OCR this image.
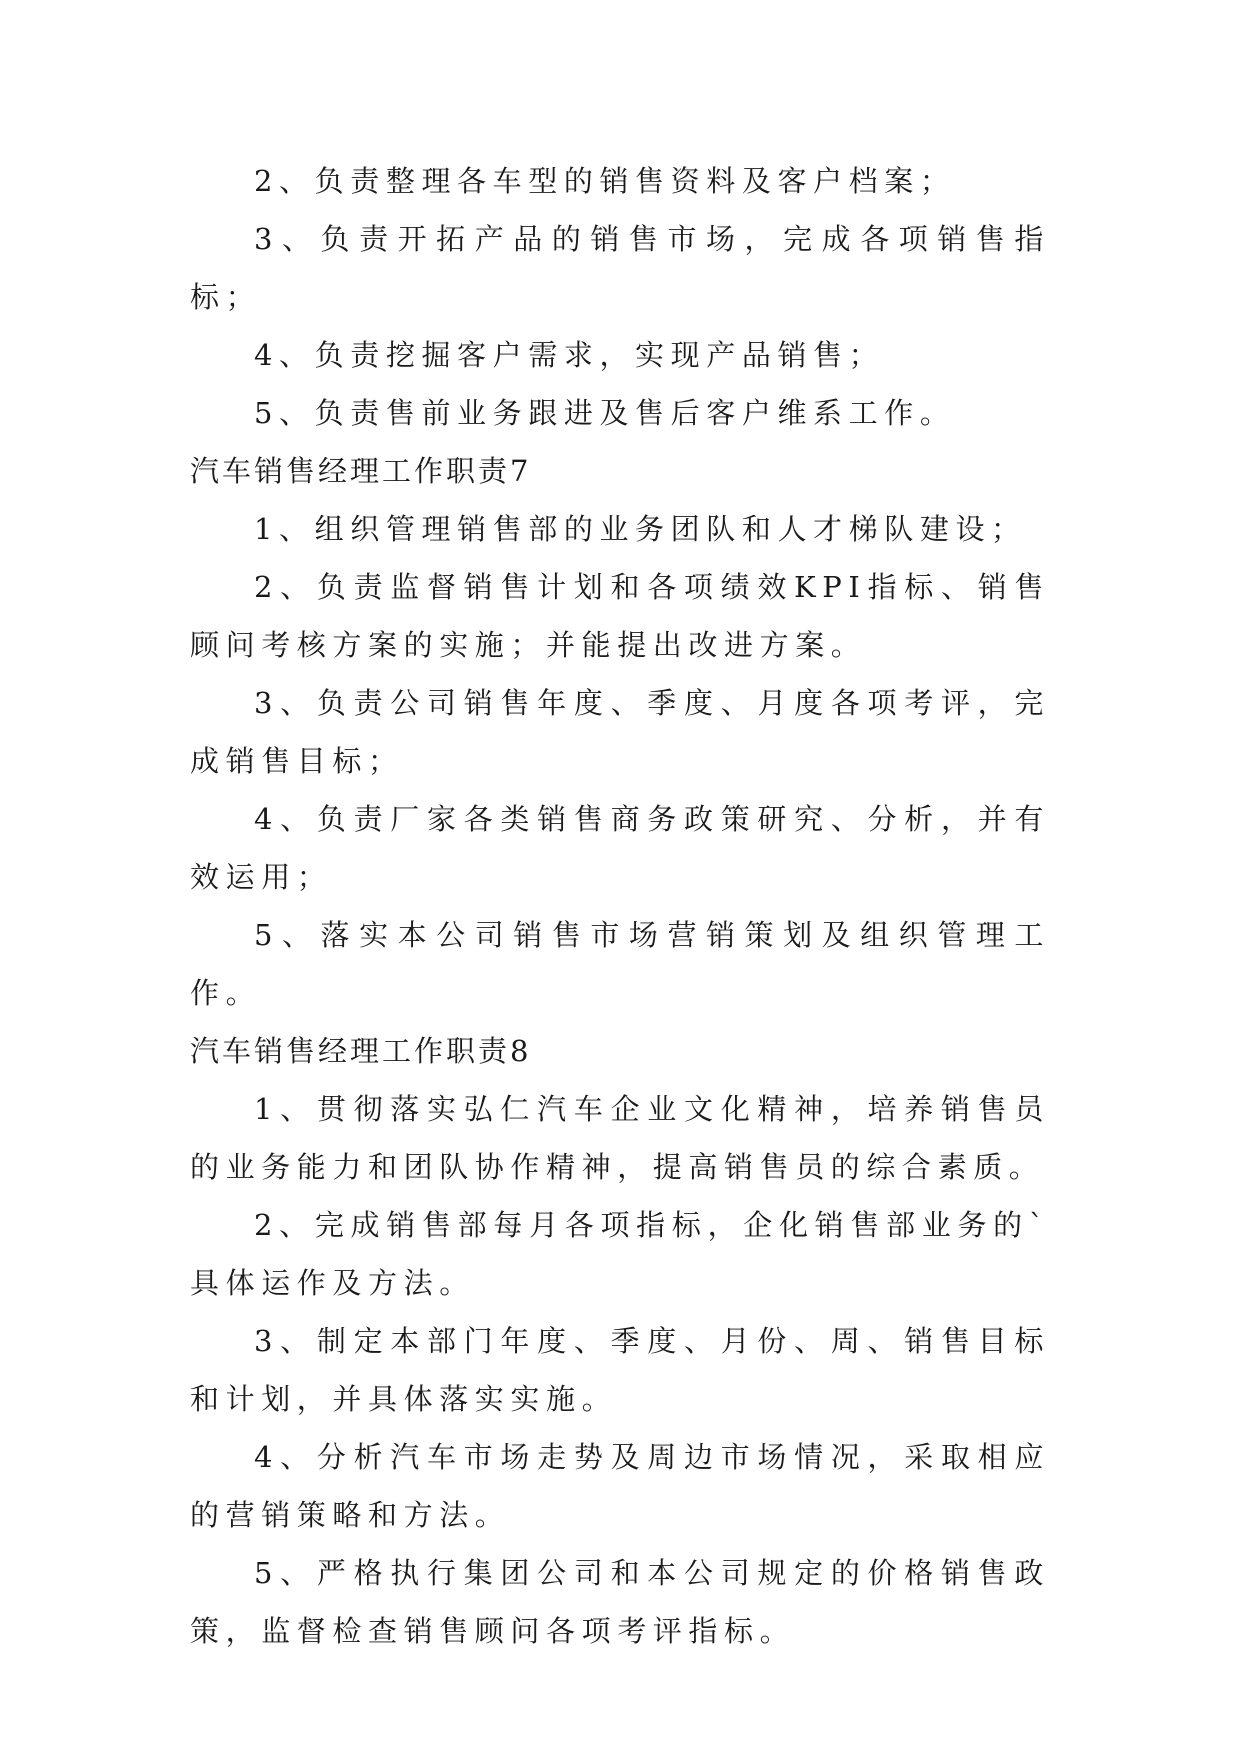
2、负责整理各车型的销售资料及客户档案；

3、负责开拓产品的销售市场，完成各项销售指标；

4、负责挖掘客户需求，实现产品销售；

5、负责售前业务跟进及售后客户维系工作。

汽车销售经理工作职责7

1、组织管理销售部的业务团队和人才梯队建设；

2、负责监督销售计划和各项绩效KPI指标、销售顾问考核方案的实施；并能提出改进方案。

3、负责公司销售年度、季度、月度各项考评，完成销售目标；

4、负责厂家各类销售商务政策研究、分析，并有效运用；

5、落实本公司销售市场营销策划及组织管理工作。

汽车销售经理工作职责8

1、贯彻落实弘仁汽车企业文化精神，培养销售员的业务能力和团队协作精神，提高销售员的综合素质。

2、完成销售部每月各项指标，企化销售部业务的`具体运作及方法。

3、制定本部门年度、季度、月份、周、销售目标和计划，并具体落实实施。

4、分析汽车市场走势及周边市场情况，采取相应的营销策略和方法。

5、严格执行集团公司和本公司规定的价格销售政策，监督检查销售顾问各项考评指标。
